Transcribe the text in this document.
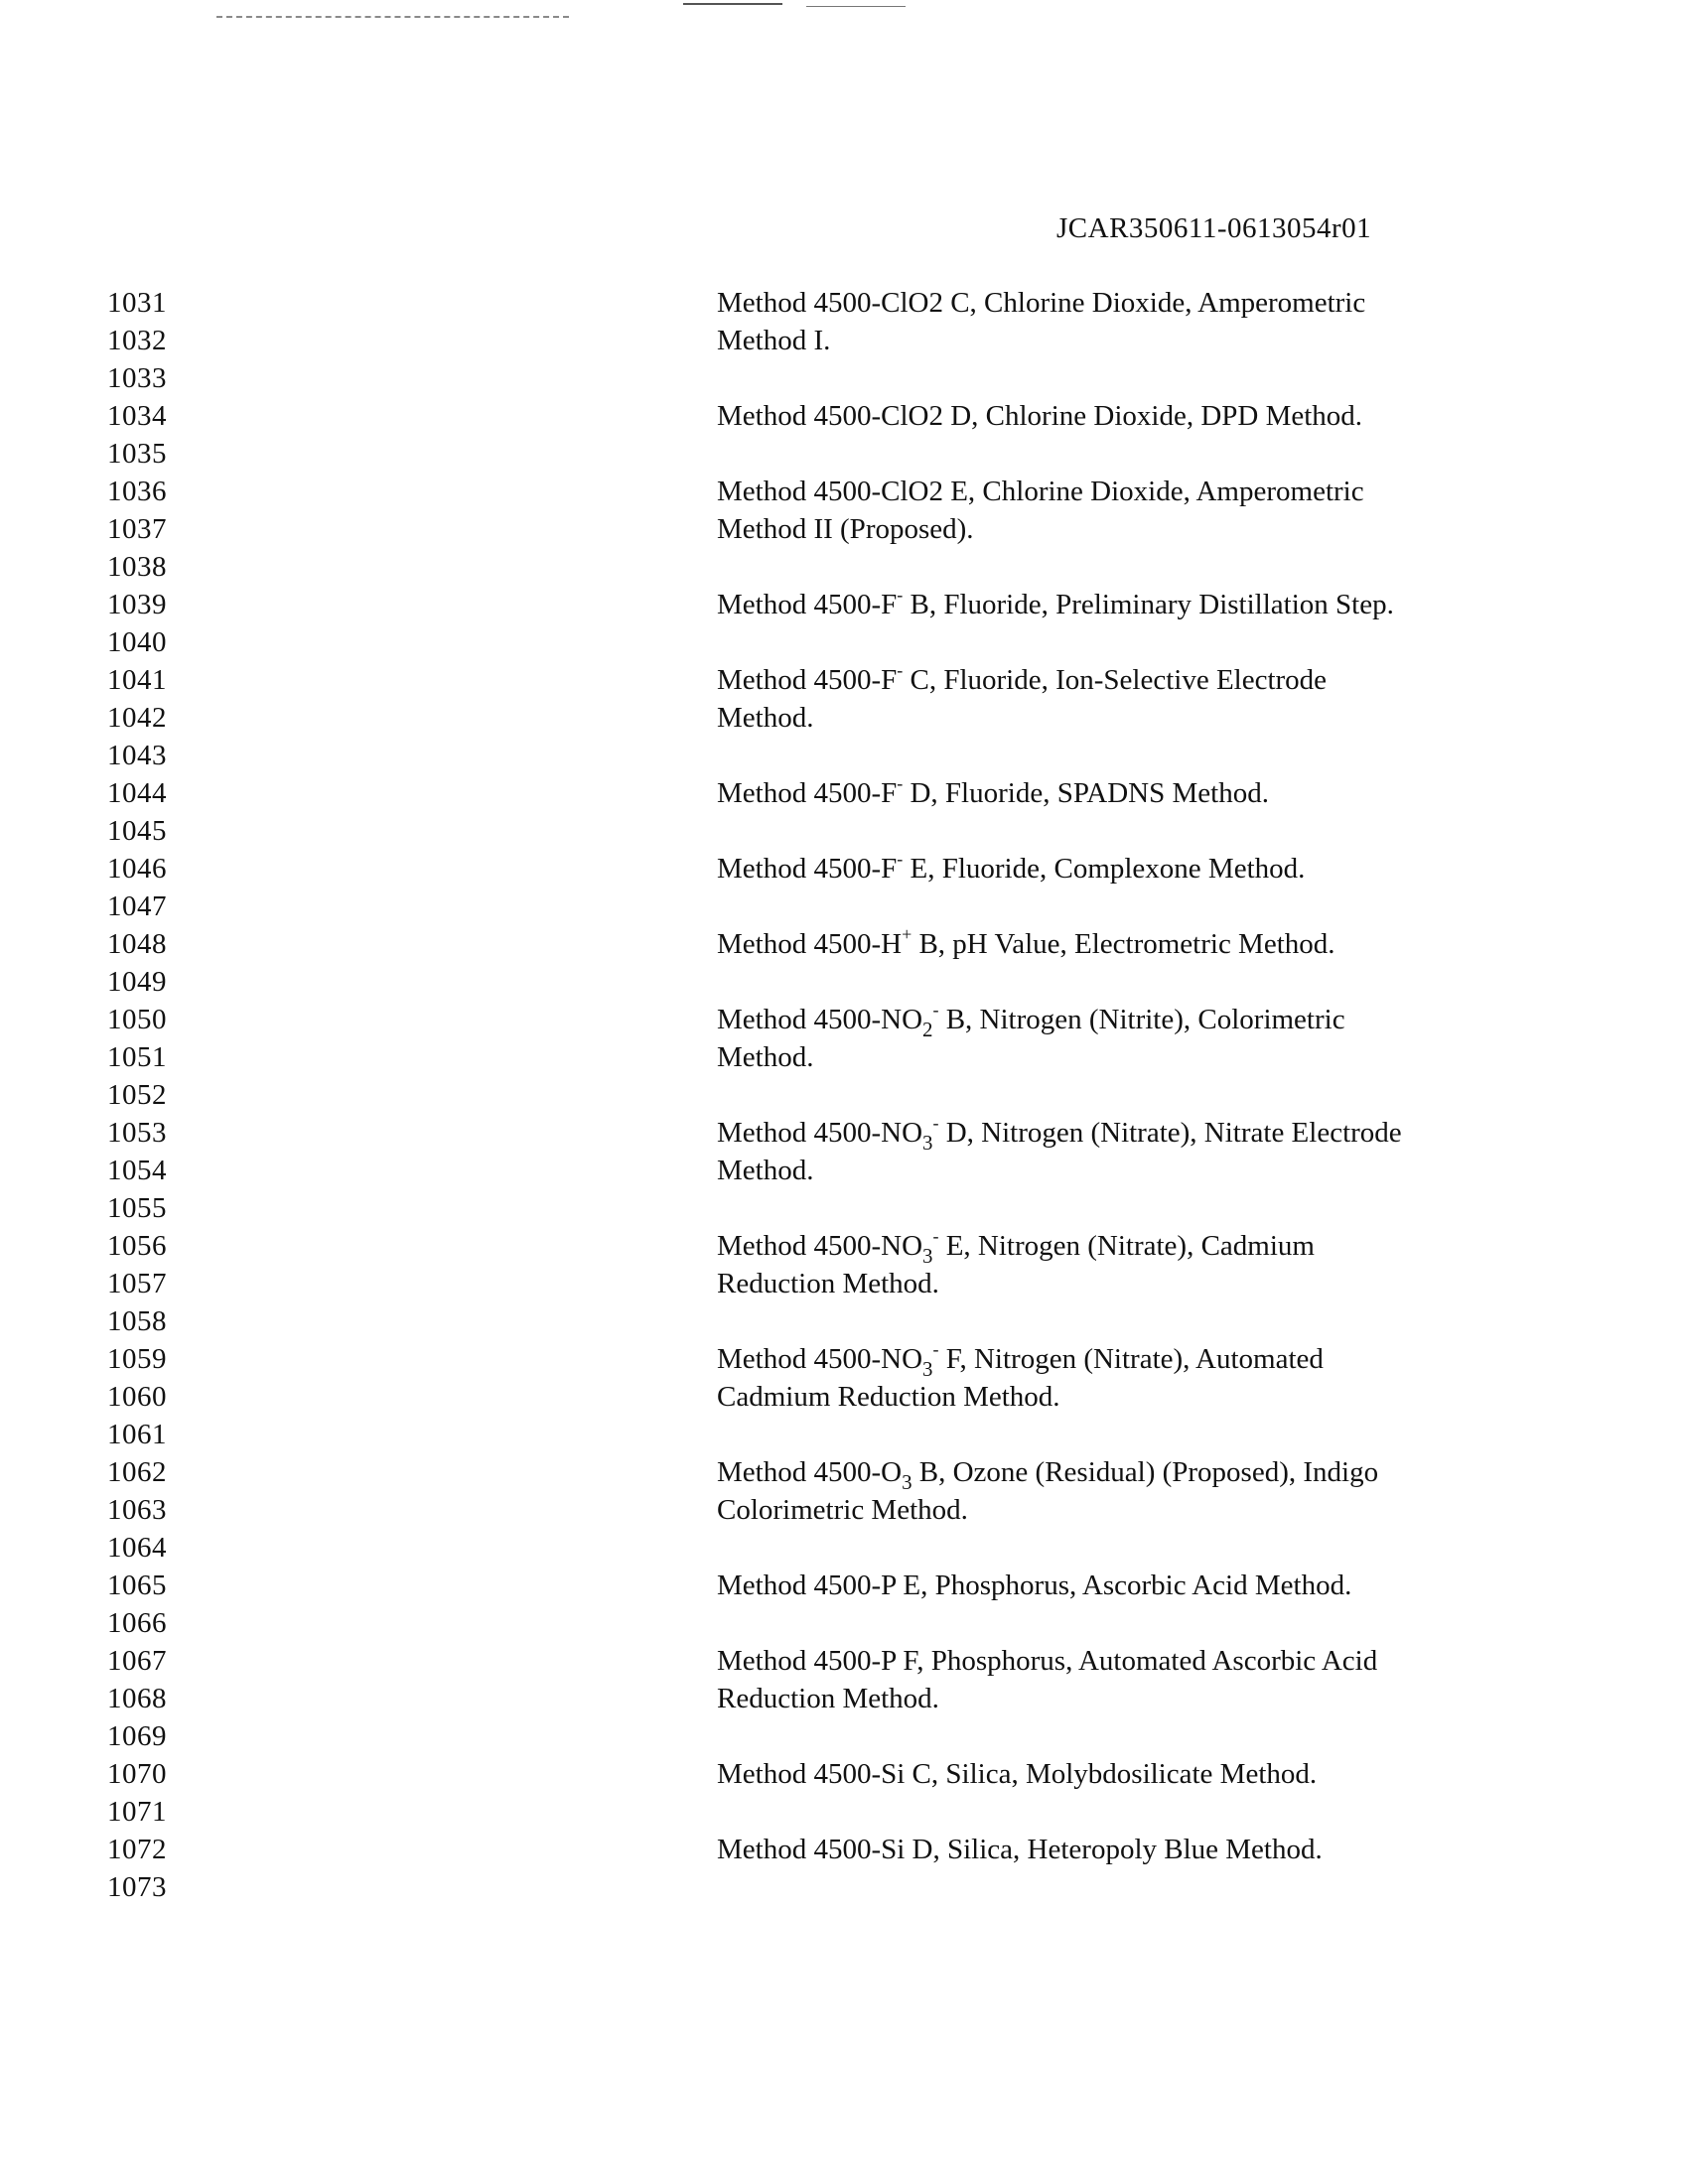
JCAR350611-0613054r01
1031
1032
1033
1034
1035
1036
1037
1038
1039
1040
1041
1042
1043
1044
1045
1046
1047
1048
1049
1050
1051
1052
1053
1054
1055
1056
1057
1058
1059
1060
1061
1062
1063
1064
1065
1066
1067
1068
1069
1070
1071
1072
1073
Method 4500-ClO2 C, Chlorine Dioxide, Amperometric
Method I.
Method 4500-ClO2 D, Chlorine Dioxide, DPD Method.
Method 4500-ClO2 E, Chlorine Dioxide, Amperometric
Method II (Proposed).
Method 4500-F- B, Fluoride, Preliminary Distillation Step.
Method 4500-F- C, Fluoride, Ion-Selective Electrode
Method.
Method 4500-F- D, Fluoride, SPADNS Method.
Method 4500-F- E, Fluoride, Complexone Method.
Method 4500-H+ B, pH Value, Electrometric Method.
Method $4500-NO_2^-$ B, Nitrogen (Nitrite), Colorimetric
Method.
Method $4500-NO_3^-$ D, Nitrogen (Nitrate), Nitrate Electrode
Method.
Method $4500-NO_3^-$ E, Nitrogen (Nitrate), Cadmium
Reduction Method.
Method $4500-NO_3^-$ F, Nitrogen (Nitrate), Automated
Cadmium Reduction Method.
Method $4500-O_3$ B, Ozone (Residual) (Proposed), Indigo
Colorimetric Method.
Method 4500-P E, Phosphorus, Ascorbic Acid Method.
Method 4500-P F, Phosphorus, Automated Ascorbic Acid
Reduction Method.
Method 4500-Si C, Silica, Molybdosilicate Method.
Method 4500-Si D, Silica, Heteropoly Blue Method.
